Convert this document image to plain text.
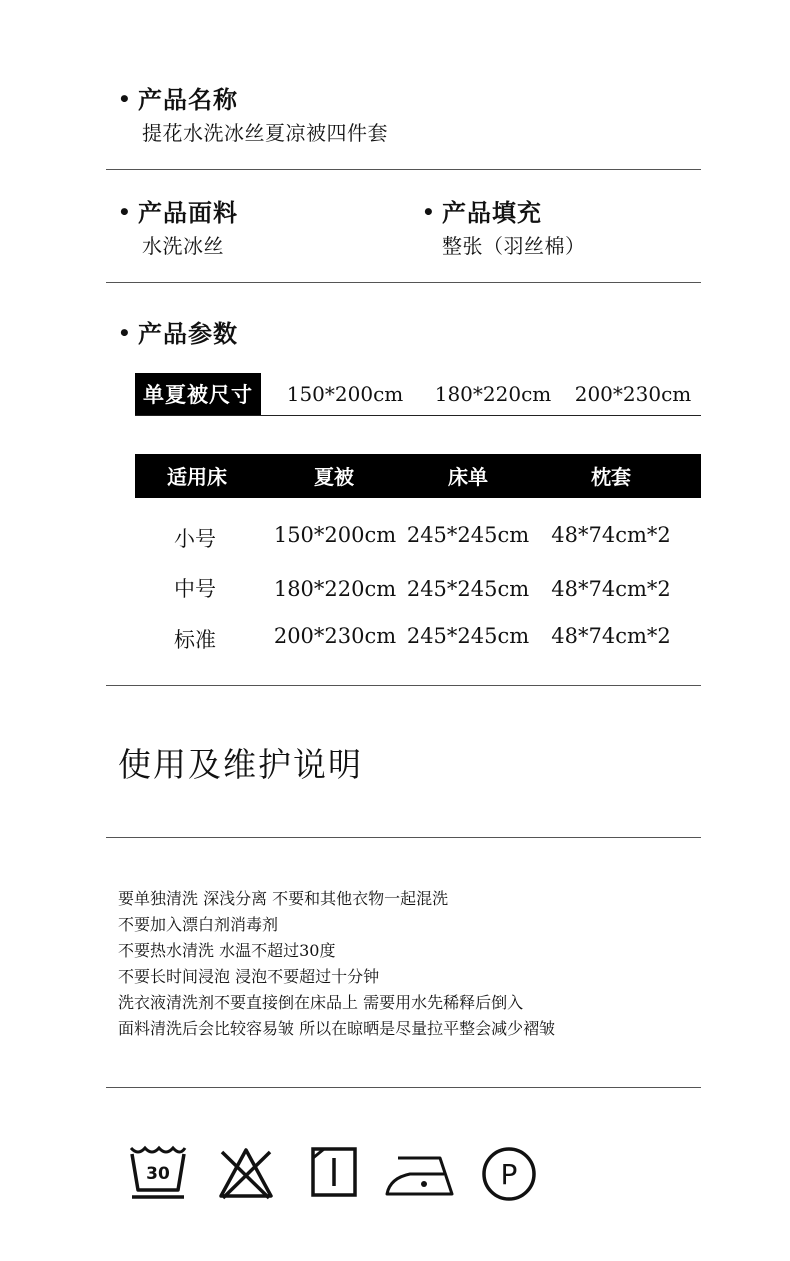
• 产品名称
提花水洗冰丝夏凉被四件套
• 产品面料
水洗冰丝
• 产品填充
整张（羽丝棉）
• 产品参数
单夏被尺寸	150*200cm	180*220cm	200*230cm
适用床	夏被	床单	枕套
小号	150*200cm 245*245cm 48*74cm*2
中号	180*220cm 245*245cm 48*74cm*2
标准	200*230cm 245*245cm 48*74cm*2
使用及维护说明
要单独清洗 深浅分离 不要和其他衣物一起混洗
不要加入漂白剂消毒剂
不要热水清洗 水温不超过30度
不要长时间浸泡 浸泡不要超过十分钟
洗衣液清洗剂不要直接倒在床品上 需要用水先稀释后倒入
面料清洗后会比较容易皱 所以在晾晒是尽量拉平整会减少褶皱
30	P
